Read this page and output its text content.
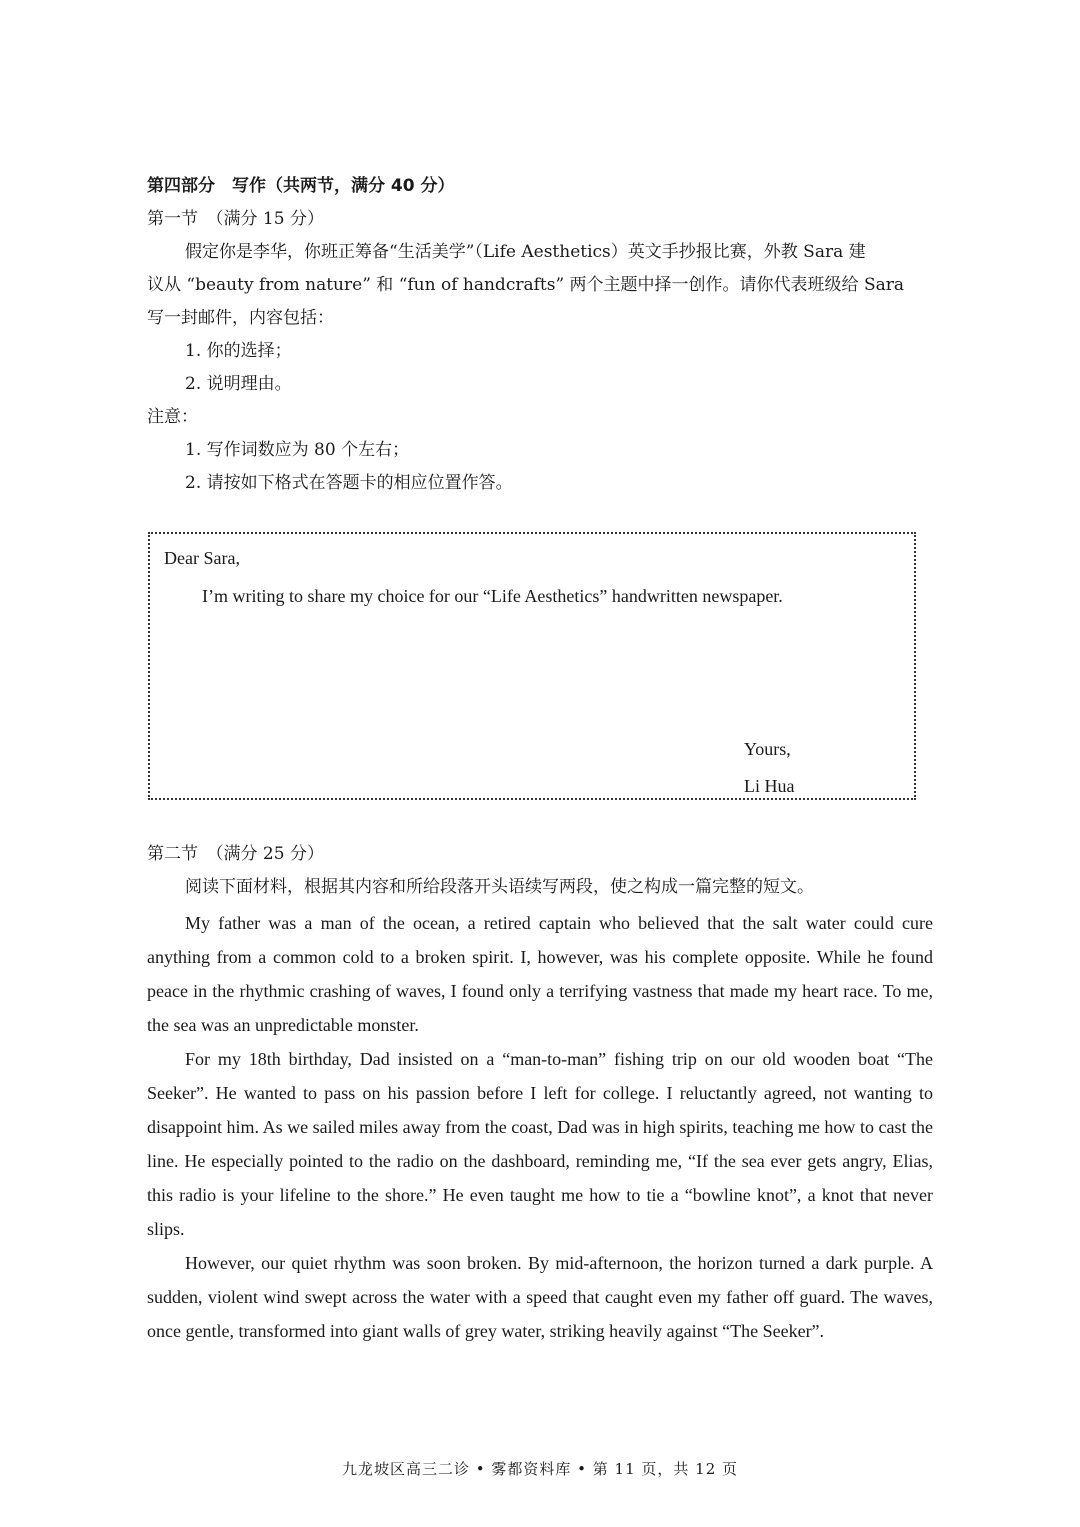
第四部分　写作（共两节，满分 40 分）
第一节　（满分 15 分）
假定你是李华，你班正筹备“生活美学”（Life Aesthetics）英文手抄报比赛，外教 Sara 建
议从 “beauty from nature” 和 “fun of handcrafts” 两个主题中择一创作。请你代表班级给 Sara
写一封邮件，内容包括：
1. 你的选择；
2. 说明理由。
注意：
1. 写作词数应为 80 个左右；
2. 请按如下格式在答题卡的相应位置作答。
Dear Sara,
I’m writing to share my choice for our “Life Aesthetics” handwritten newspaper.
Yours,
Li Hua
第二节　（满分 25 分）
阅读下面材料，根据其内容和所给段落开头语续写两段，使之构成一篇完整的短文。

My father was a man of the ocean, a retired captain who believed that the salt water could cure anything from a common cold to a broken spirit. I, however, was his complete opposite. While he found peace in the rhythmic crashing of waves, I found only a terrifying vastness that made my heart race. To me, the sea was an unpredictable monster.

For my 18th birthday, Dad insisted on a “man-to-man” fishing trip on our old wooden boat “The Seeker”. He wanted to pass on his passion before I left for college. I reluctantly agreed, not wanting to disappoint him. As we sailed miles away from the coast, Dad was in high spirits, teaching me how to cast the line. He especially pointed to the radio on the dashboard, reminding me, “If the sea ever gets angry, Elias, this radio is your lifeline to the shore.” He even taught me how to tie a “bowline knot”, a knot that never slips.

However, our quiet rhythm was soon broken. By mid-afternoon, the horizon turned a dark purple. A sudden, violent wind swept across the water with a speed that caught even my father off guard. The waves, once gentle, transformed into giant walls of grey water, striking heavily against “The Seeker”.

九龙坡区高三二诊 • 雾都资料库 • 第 11 页，共 12 页
